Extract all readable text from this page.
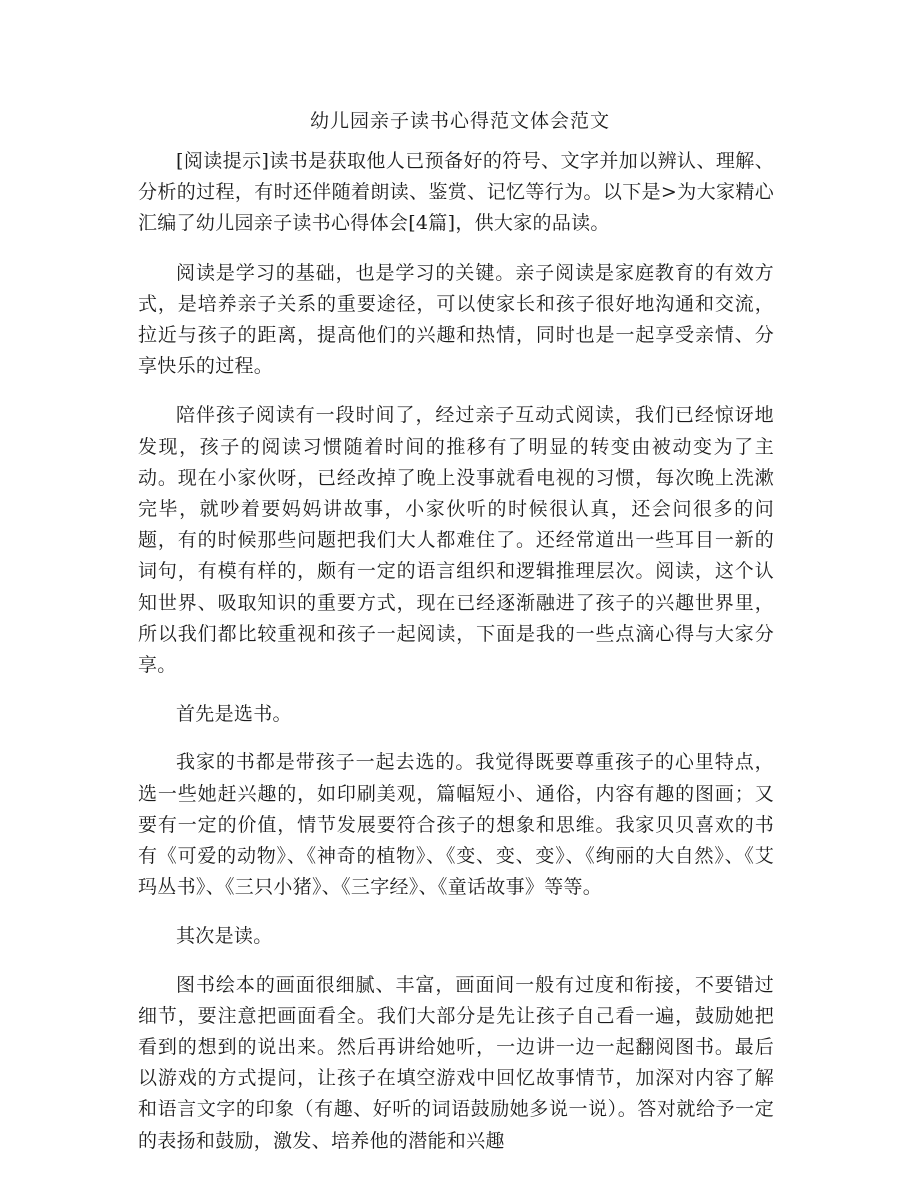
幼儿园亲子读书心得范文体会范文

[阅读提示]读书是获取他人已预备好的符号、文字并加以辨认、理解、分析的过程，有时还伴随着朗读、鉴赏、记忆等行为。以下是>为大家精心汇编了幼儿园亲子读书心得体会[4篇]，供大家的品读。

阅读是学习的基础，也是学习的关键。亲子阅读是家庭教育的有效方式，是培养亲子关系的重要途径，可以使家长和孩子很好地沟通和交流，拉近与孩子的距离，提高他们的兴趣和热情，同时也是一起享受亲情、分享快乐的过程。

陪伴孩子阅读有一段时间了，经过亲子互动式阅读，我们已经惊讶地发现，孩子的阅读习惯随着时间的推移有了明显的转变由被动变为了主动。现在小家伙呀，已经改掉了晚上没事就看电视的习惯，每次晚上洗漱完毕，就吵着要妈妈讲故事，小家伙听的时候很认真，还会问很多的问题，有的时候那些问题把我们大人都难住了。还经常道出一些耳目一新的词句，有模有样的，颇有一定的语言组织和逻辑推理层次。阅读，这个认知世界、吸取知识的重要方式，现在已经逐渐融进了孩子的兴趣世界里，所以我们都比较重视和孩子一起阅读，下面是我的一些点滴心得与大家分享。

首先是选书。

我家的书都是带孩子一起去选的。我觉得既要尊重孩子的心里特点，选一些她赶兴趣的，如印刷美观，篇幅短小、通俗，内容有趣的图画；又要有一定的价值，情节发展要符合孩子的想象和思维。我家贝贝喜欢的书有《可爱的动物》、《神奇的植物》、《变、变、变》、《绚丽的大自然》、《艾玛丛书》、《三只小猪》、《三字经》、《童话故事》等等。

其次是读。

图书绘本的画面很细腻、丰富，画面间一般有过度和衔接，不要错过细节，要注意把画面看全。我们大部分是先让孩子自己看一遍，鼓励她把看到的想到的说出来。然后再讲给她听，一边讲一边一起翻阅图书。最后以游戏的方式提问，让孩子在填空游戏中回忆故事情节，加深对内容了解和语言文字的印象（有趣、好听的词语鼓励她多说一说）。答对就给予一定的表扬和鼓励，激发、培养他的潜能和兴趣
